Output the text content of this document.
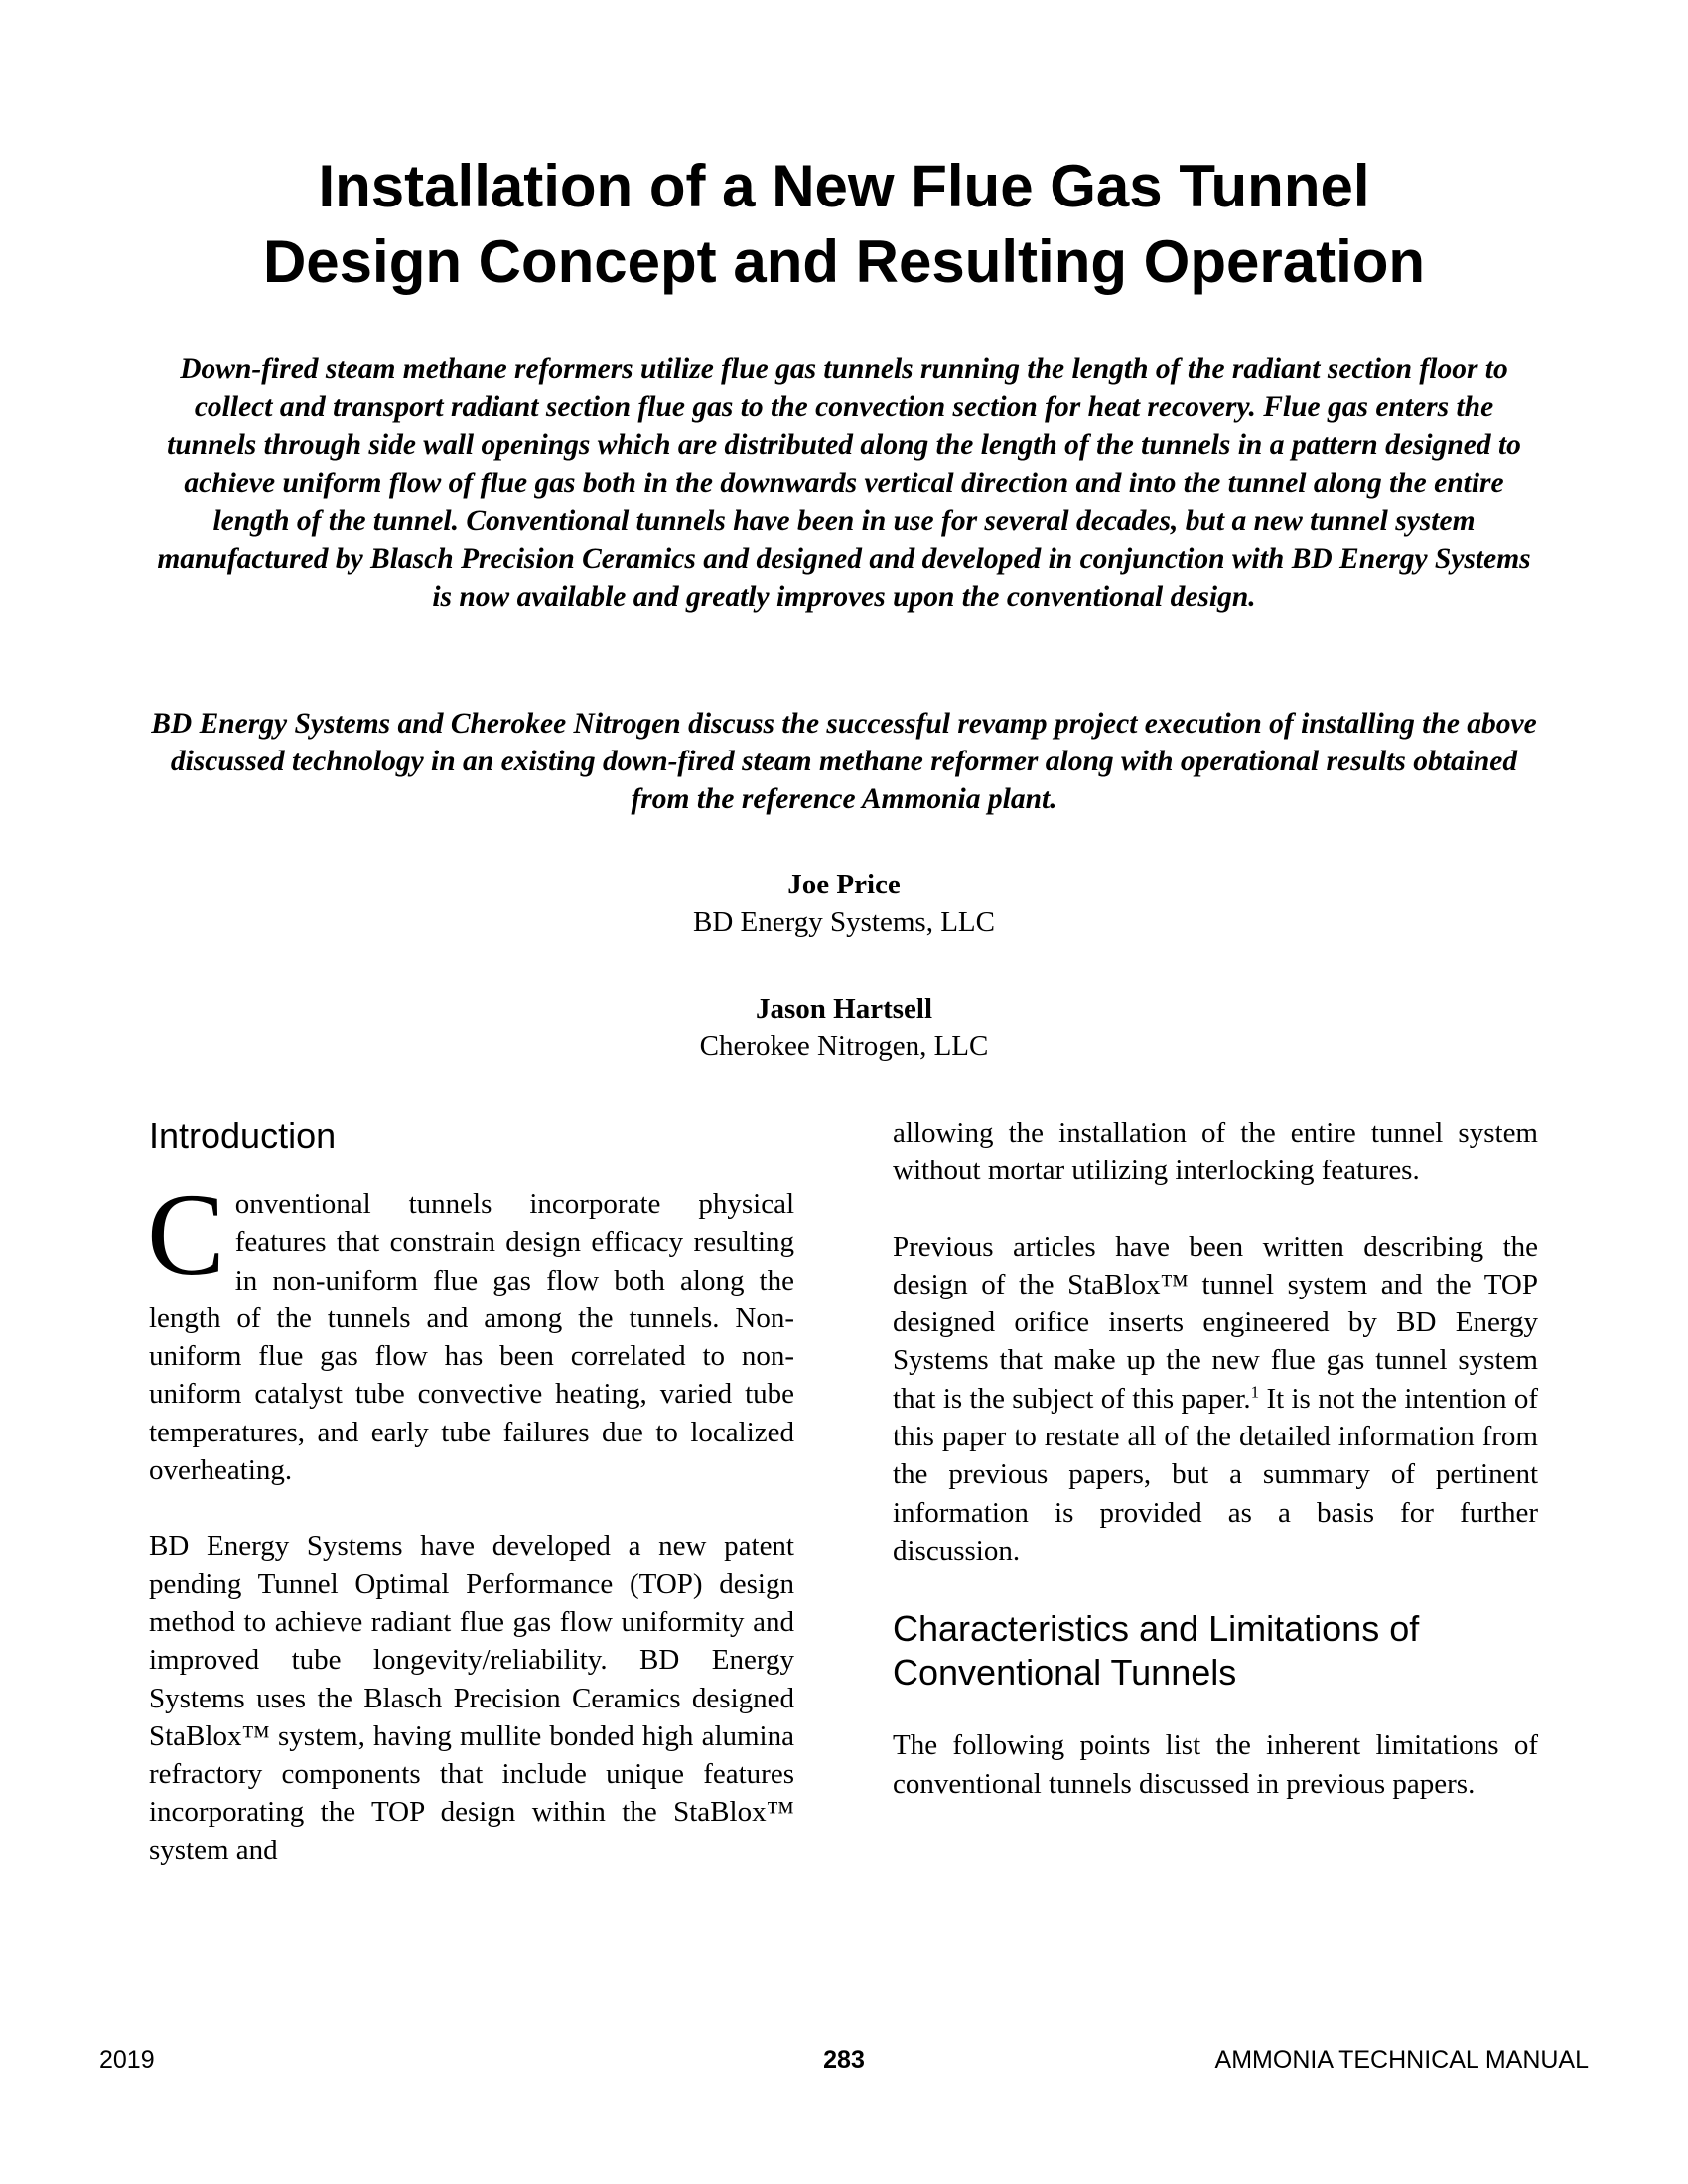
Installation of a New Flue Gas Tunnel
Design Concept and Resulting Operation

Down-fired steam methane reformers utilize flue gas tunnels running the length of the radiant section floor to collect and transport radiant section flue gas to the convection section for heat recovery. Flue gas enters the tunnels through side wall openings which are distributed along the length of the tunnels in a pattern designed to achieve uniform flow of flue gas both in the downwards vertical direction and into the tunnel along the entire length of the tunnel. Conventional tunnels have been in use for several decades, but a new tunnel system manufactured by Blasch Precision Ceramics and designed and developed in conjunction with BD Energy Systems is now available and greatly improves upon the conventional design.

BD Energy Systems and Cherokee Nitrogen discuss the successful revamp project execution of installing the above discussed technology in an existing down-fired steam methane reformer along with operational results obtained from the reference Ammonia plant.

Joe Price
BD Energy Systems, LLC
Jason Hartsell
Cherokee Nitrogen, LLC
Introduction

Conventional tunnels incorporate physical features that constrain design efficacy resulting in non-uniform flue gas flow both along the length of the tunnels and among the tunnels. Non-uniform flue gas flow has been correlated to non-uniform catalyst tube convective heating, varied tube temperatures, and early tube failures due to localized overheating.

BD Energy Systems have developed a new patent pending Tunnel Optimal Performance (TOP) design method to achieve radiant flue gas flow uniformity and improved tube longevity/reliability. BD Energy Systems uses the Blasch Precision Ceramics designed StaBlox™ system, having mullite bonded high alumina refractory components that include unique features incorporating the TOP design within the StaBlox™ system and

allowing the installation of the entire tunnel system without mortar utilizing interlocking features.

Previous articles have been written describing the design of the StaBlox™ tunnel system and the TOP designed orifice inserts engineered by BD Energy Systems that make up the new flue gas tunnel system that is the subject of this paper.$^1$ It is not the intention of this paper to restate all of the detailed information from the previous papers, but a summary of pertinent information is provided as a basis for further discussion.

Characteristics and Limitations of Conventional Tunnels

The following points list the inherent limitations of conventional tunnels discussed in previous papers.

2019	283	AMMONIA TECHNICAL MANUAL
